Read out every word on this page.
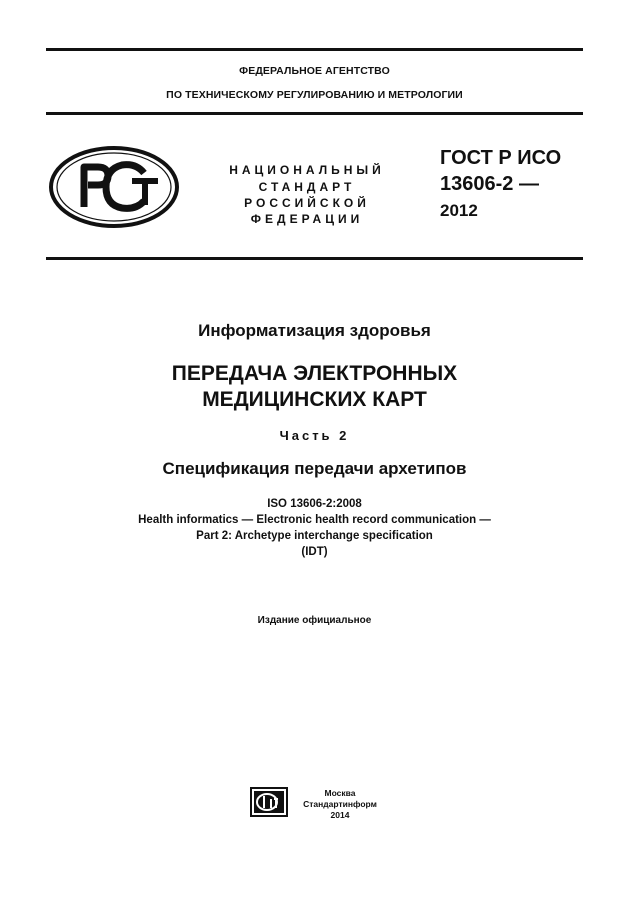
ФЕДЕРАЛЬНОЕ АГЕНТСТВО
ПО ТЕХНИЧЕСКОМУ РЕГУЛИРОВАНИЮ И МЕТРОЛОГИИ
НАЦИОНАЛЬНЫЙ
СТАНДАРТ
РОССИЙСКОЙ
ФЕДЕРАЦИИ
ГОСТ Р ИСО
13606-2 —
2012
Информатизация здоровья
ПЕРЕДАЧА ЭЛЕКТРОННЫХ
МЕДИЦИНСКИХ КАРТ
Часть 2
Спецификация передачи архетипов
ISO 13606-2:2008
Health informatics — Electronic health record communication —
Part 2: Archetype interchange specification
(IDT)
Издание официальное
Москва
Стандартинформ
2014
